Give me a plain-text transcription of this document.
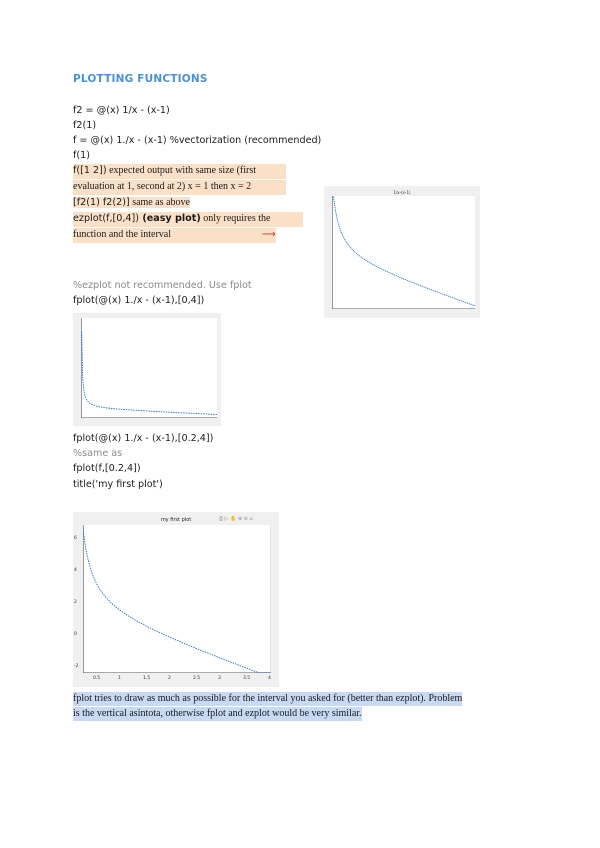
PLOTTING FUNCTIONS
f2 = @(x) 1/x - (x-1)
f2(1)
f = @(x) 1./x - (x-1) %vectorization (recommended)
f(1)
f([1 2]) expected output with same size (first
evaluation at 1, second at 2) x = 1 then x = 2
[f2(1) f2(2)] same as above
ezplot(f,[0,4]) (easy plot) only requires the
function and the interval	⟶
%ezplot not recommended. Use fplot
fplot(@(x) 1./x - (x-1),[0,4])
fplot(@(x) 1./x - (x-1),[0.2,4])
%same as
fplot(f,[0.2,4])
title('my first plot')
1/x-(x-1)
my first plot	⎙ ▷ ✋ ⊕ ⊖ ⌂
6
4
2
0
-2
0.5	1	1.5	2	2.5	3	3.5	4
fplot tries to draw as much as possible for the interval you asked for (better than ezplot). Problem
is the vertical asintota, otherwise fplot and ezplot would be very similar.
